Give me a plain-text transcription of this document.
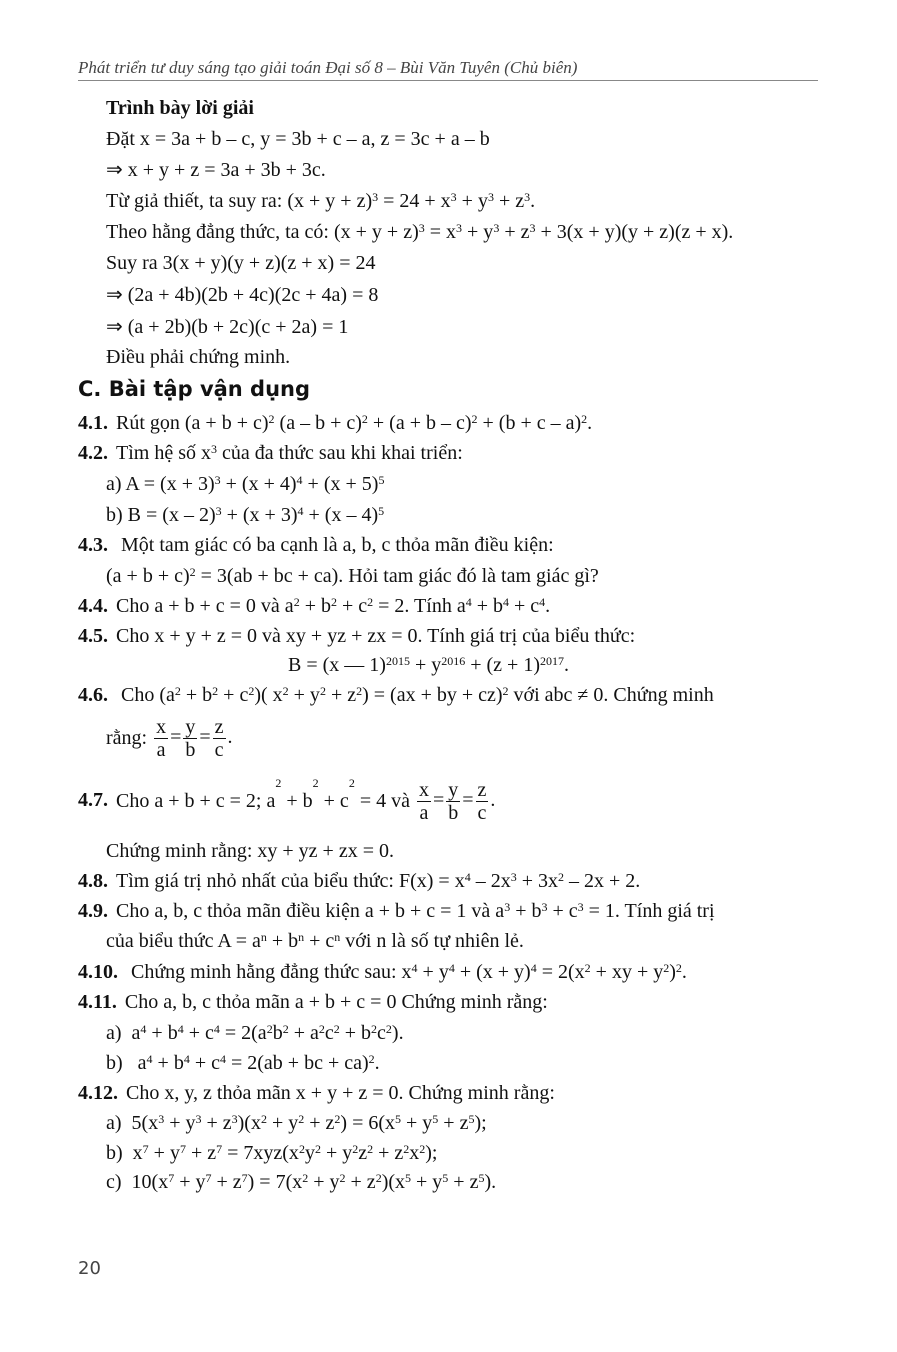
Phát triển tư duy sáng tạo giải toán Đại số 8 – Bùi Văn Tuyên (Chủ biên)
Trình bày lời giải
Đặt x = 3a + b – c, y = 3b + c – a, z = 3c + a – b
⇒ x + y + z = 3a + 3b + 3c.
Từ giả thiết, ta suy ra: $(x + y + z)^3 = 24 + x^3 + y^3 + z^3$.
Theo hằng đẳng thức, ta có: $(x + y + z)^3 = x^3 + y^3 + z^3 + 3(x + y)(y + z)(z + x)$.
Suy ra 3(x + y)(y + z)(z + x) = 24
⇒ (2a + 4b)(2b + 4c)(2c + 4a) = 8
⇒ (a + 2b)(b + 2c)(c + 2a) = 1
Điều phải chứng minh.
C. Bài tập vận dụng
4.1. Rút gọn $(a + b + c)^2$ $(a - b + c)^2 + (a + b - c)^2 + (b + c - a)^2$.
4.2. Tìm hệ số $x^3$ của đa thức sau khi khai triển:
a) $A = (x + 3)^3 + (x + 4)^4 + (x + 5)^5$
b) $B = (x - 2)^3 + (x + 3)^4 + (x - 4)^5$
4.3. Một tam giác có ba cạnh là a, b, c thỏa mãn điều kiện:
$(a + b + c)^2 = 3(ab$ + bc + ca). Hỏi tam giác đó là tam giác gì?
4.4. Cho a + b + c = 0 và $a^2 + b^2 + c^2 = 2$. Tính $a^4 + b^4 + c^4$.
4.5. Cho x + y + z = 0 và xy + yz + zx = 0. Tính giá trị của biểu thức:
B = (x — $1)^{2015} + y^{2016} + (z + 1)^{2017}$.
4.6. Cho $(a^2 + b^2 + c^2)$( $x^2 + y^2 + z^2) = (ax$ + by + cz)$^2$ với abc ≠ 0. Chứng minh
rằng: $\frac{x}{a} = \frac{y}{b} = \frac{z}{c}$ .
4.7. Cho a + b + c = 2; $a^2 + b^2 + c^2 = 4$ và $\frac{x}{a} = \frac{y}{b} = \frac{z}{c}$ .
Chứng minh rằng: xy + yz + zx = 0.
4.8. Tìm giá trị nhỏ nhất của biểu thức: $F(x) = x^4 - 2x^3 + 3x^2 - 2x + 2$.
4.9. Cho a, b, c thỏa mãn điều kiện a + b + c = 1 và $a^3 + b^3 + c^3 = 1$. Tính giá trị
của biểu thức $A = a^n + b^n + c^n$ với n là số tự nhiên lẻ.
4.10. Chứng minh hằng đẳng thức sau: $x^4 + y^4 + (x + y)^4 = 2(x^2$ + xy + $y^2)^2$.
4.11. Cho a, b, c thỏa mãn a + b + c = 0 Chứng minh rằng:
a)  $a^4 + b^4 + c^4 = 2(a^2b^2 + a^2c^2 + b^2c^2)$.
b)   $a^4 + b^4 + c^4 = 2(ab$ + bc + ca)$^2$.
4.12. Cho x, y, z thỏa mãn x + y + z = 0. Chứng minh rằng:
a)  $5(x^3 + y^3 + z^3)(x^2 + y^2 + z^2) = 6(x^5 + y^5 + z^5)$;
b)  $x^7 + y^7 + z^7 = 7xyz(x^2y^2 + y^2z^2 + z^2x^2)$;
c)  $10(x^7 + y^7 + z^7) = 7(x^2 + y^2 + z^2)(x^5 + y^5 + z^5)$.
20
